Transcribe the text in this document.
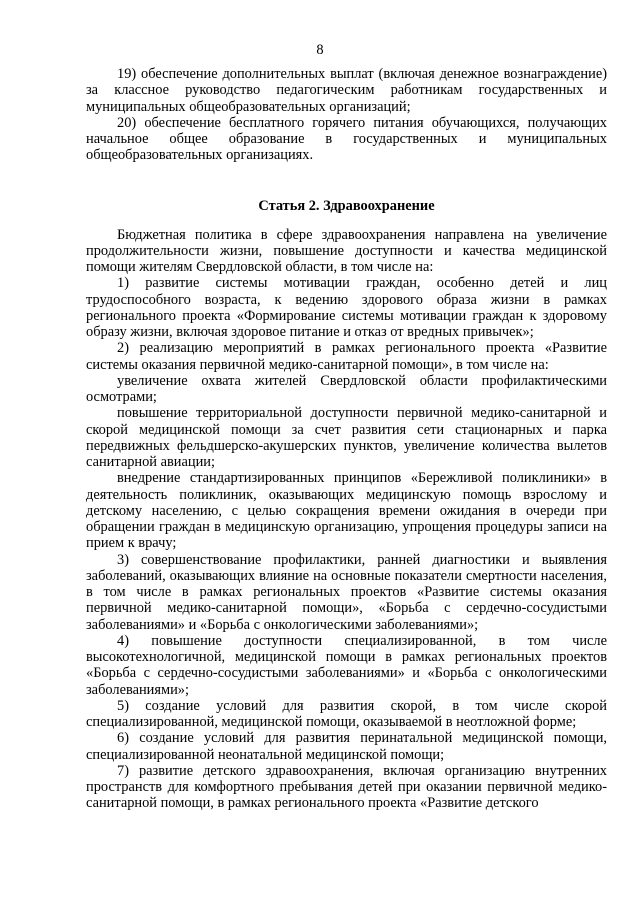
8

19) обеспечение дополнительных выплат (включая денежное вознаграждение) за классное руководство педагогическим работникам государственных и муниципальных общеобразовательных организаций;

20) обеспечение бесплатного горячего питания обучающихся, получающих начальное общее образование в государственных и муниципальных общеобразовательных организациях.

Статья 2. Здравоохранение

Бюджетная политика в сфере здравоохранения направлена на увеличение продолжительности жизни, повышение доступности и качества медицинской помощи жителям Свердловской области, в том числе на:

1) развитие системы мотивации граждан, особенно детей и лиц трудоспособного возраста, к ведению здорового образа жизни в рамках регионального проекта «Формирование системы мотивации граждан к здоровому образу жизни, включая здоровое питание и отказ от вредных привычек»;

2) реализацию мероприятий в рамках регионального проекта «Развитие системы оказания первичной медико-санитарной помощи», в том числе на:

увеличение охвата жителей Свердловской области профилактическими осмотрами;

повышение территориальной доступности первичной медико-санитарной и скорой медицинской помощи за счет развития сети стационарных и парка передвижных фельдшерско-акушерских пунктов, увеличение количества вылетов санитарной авиации;

внедрение стандартизированных принципов «Бережливой поликлиники» в деятельность поликлиник, оказывающих медицинскую помощь взрослому и детскому населению, с целью сокращения времени ожидания в очереди при обращении граждан в медицинскую организацию, упрощения процедуры записи на прием к врачу;

3) совершенствование профилактики, ранней диагностики и выявления заболеваний, оказывающих влияние на основные показатели смертности населения, в том числе в рамках региональных проектов «Развитие системы оказания первичной медико-санитарной помощи», «Борьба с сердечно-сосудистыми заболеваниями» и «Борьба с онкологическими заболеваниями»;

4) повышение доступности специализированной, в том числе высокотехнологичной, медицинской помощи в рамках региональных проектов «Борьба с сердечно-сосудистыми заболеваниями» и «Борьба с онкологическими заболеваниями»;

5) создание условий для развития скорой, в том числе скорой специализированной, медицинской помощи, оказываемой в неотложной форме;

6) создание условий для развития перинатальной медицинской помощи, специализированной неонатальной медицинской помощи;

7) развитие детского здравоохранения, включая организацию внутренних пространств для комфортного пребывания детей при оказании первичной медико-санитарной помощи, в рамках регионального проекта «Развитие детского
